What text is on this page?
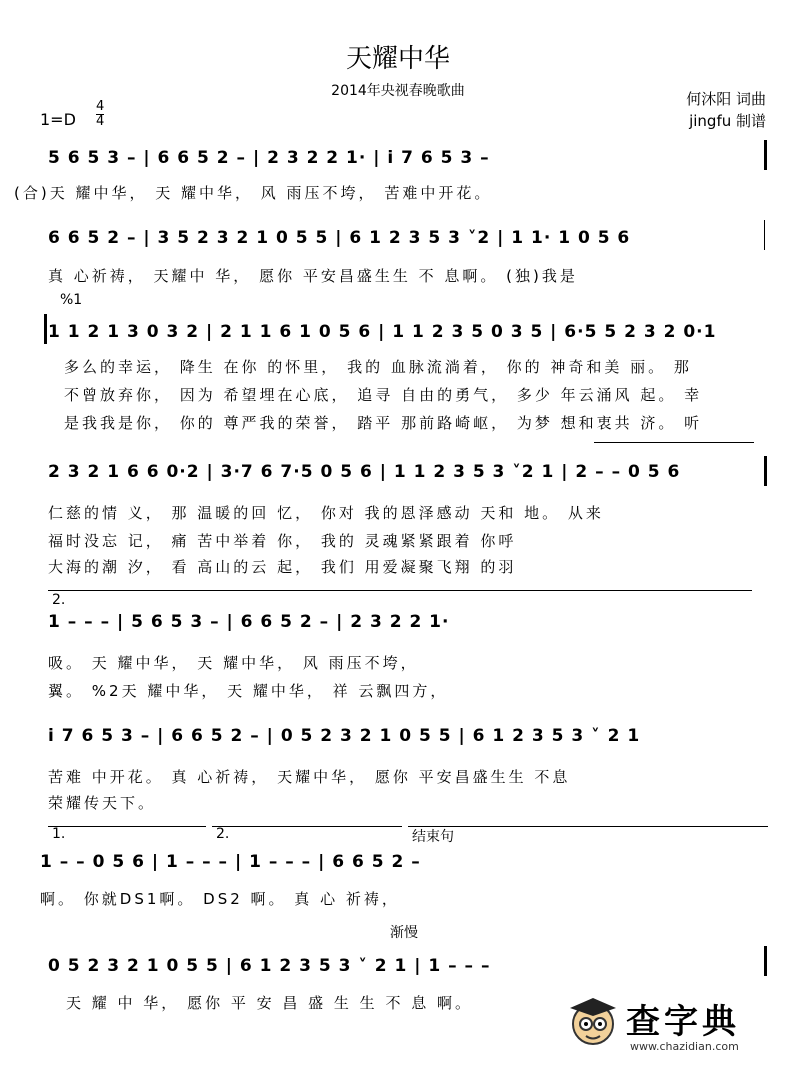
天耀中华
2014年央视春晚歌曲	何沐阳 词曲
jingfu 制谱
1=D
4
4
5 6 5 3 – | 6 6 5 2 – | 2 3 2 2 1· | i 7 6 5 3 –
(合)天 耀中华， 天 耀中华， 风 雨压不垮， 苦难中开花。
6 6 5 2 – | 3 5 2 3 2 1 0 5 5 | 6 1 2 3 5 3 ˅2 | 1 1· 1 0 5 6
真 心祈祷， 天耀中 华， 愿你 平安昌盛生生 不 息啊。 (独)我是
%1
1 1 2 1 3 0 3 2 | 2 1 1 6 1 0 5 6 | 1 1 2 3 5 0 3 5 | 6·5 5 2 3 2 0·1
多么的幸运， 降生 在你 的怀里， 我的 血脉流淌着， 你的 神奇和美 丽。 那
不曾放弃你， 因为 希望埋在心底， 追寻 自由的勇气， 多少 年云涌风 起。 幸
是我我是你， 你的 尊严我的荣誉， 踏平 那前路崎岖， 为梦 想和衷共 济。 听
2 3 2 1 6 6 0·2 | 3·7 6 7·5 0 5 6 | 1 1 2 3 5 3 ˅2 1 | 2 – – 0 5 6
仁慈的情 义， 那 温暖的回 忆， 你对 我的恩泽感动 天和 地。 从来
福时没忘 记， 痛 苦中举着 你， 我的 灵魂紧紧跟着 你呼
大海的潮 汐， 看 高山的云 起， 我们 用爱凝聚飞翔 的羽
2.
1 – – – | 5 6 5 3 – | 6 6 5 2 – | 2 3 2 2 1·
吸。 天 耀中华， 天 耀中华， 风 雨压不垮，
翼。 %2天 耀中华， 天 耀中华， 祥 云飘四方，
i 7 6 5 3 – | 6 6 5 2 – | 0 5 2 3 2 1 0 5 5 | 6 1 2 3 5 3 ˅ 2 1
苦难 中开花。 真 心祈祷， 天耀中华， 愿你 平安昌盛生生 不息
荣耀传天下。
1.	2.	结束句
1 – – 0 5 6 | 1 – – – | 1 – – – | 6 6 5 2 –
啊。 你就DS1啊。 DS2 啊。 真 心 祈祷，
渐慢
0 5 2 3 2 1 0 5 5 | 6 1 2 3 5 3 ˅ 2 1 | 1 – – –
天 耀 中 华， 愿你 平 安 昌 盛 生 生 不 息 啊。	查字典
www.chazidian.com
